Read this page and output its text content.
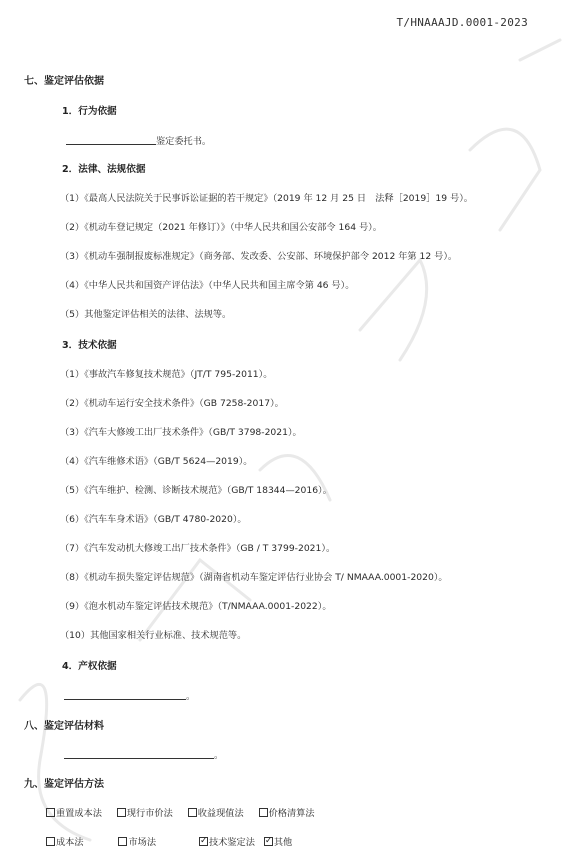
T/HNAAAJD.0001-2023
七、鉴定评估依据
1．行为依据
鉴定委托书。
2．法律、法规依据
（1）《最高人民法院关于民事诉讼证据的若干规定》（2019 年 12 月 25 日　法释［2019］19 号）。
（2）《机动车登记规定（2021 年修订）》（中华人民共和国公安部令 164 号）。
（3）《机动车强制报废标准规定》（商务部、发改委、公安部、环境保护部令 2012 年第 12 号）。
（4）《中华人民共和国资产评估法》（中华人民共和国主席令第 46 号）。
（5）其他鉴定评估相关的法律、法规等。
3．技术依据
（1）《事故汽车修复技术规范》（JT/T 795-2011）。
（2）《机动车运行安全技术条件》（GB 7258-2017）。
（3）《汽车大修竣工出厂技术条件》（GB/T 3798-2021）。
（4）《汽车维修术语》（GB/T 5624—2019）。
（5）《汽车维护、检测、诊断技术规范》（GB/T 18344—2016）。
（6）《汽车车身术语》（GB/T 4780-2020）。
（7）《汽车发动机大修竣工出厂技术条件》（GB / T 3799-2021）。
（8）《机动车损失鉴定评估规范》（湖南省机动车鉴定评估行业协会 T/ NMAAA.0001-2020）。
（9）《泡水机动车鉴定评估技术规范》（T/NMAAA.0001-2022）。
（10）其他国家相关行业标准、技术规范等。
4．产权依据
。
八、鉴定评估材料
。
九、鉴定评估方法
重置成本法	现行市价法	收益现值法	价格清算法
成本法	市场法 ✓	技术鉴定法 ✓ 其他
